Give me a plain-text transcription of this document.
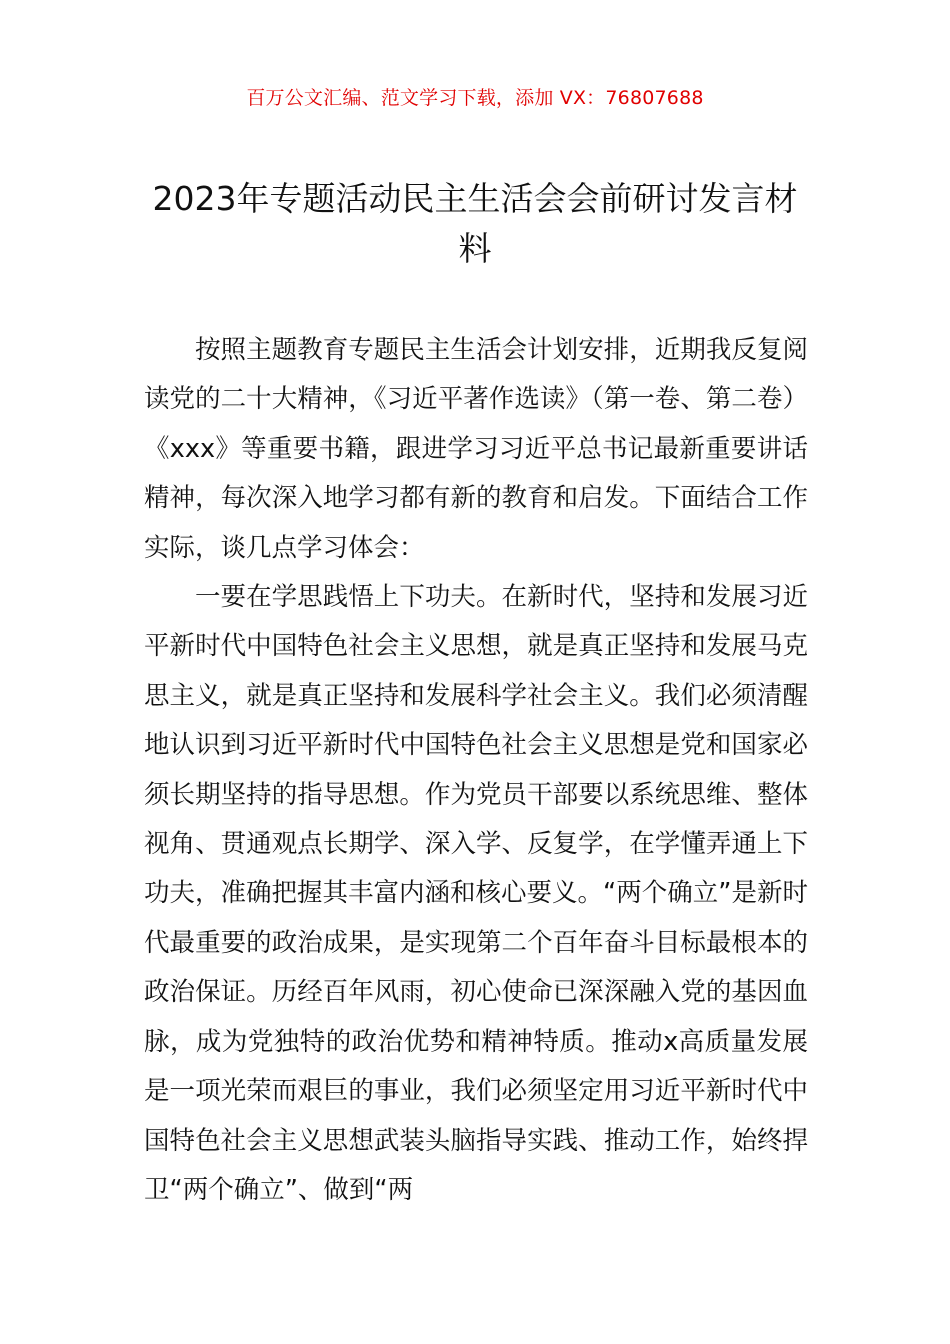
百万公文汇编、范文学习下载，添加 VX：76807688
2023年专题活动民主生活会会前研讨发言材料

按照主题教育专题民主生活会计划安排，近期我反复阅读党的二十大精神，《习近平著作选读》（第一卷、第二卷）《xxx》等重要书籍，跟进学习习近平总书记最新重要讲话精神，每次深入地学习都有新的教育和启发。下面结合工作实际，谈几点学习体会：

一要在学思践悟上下功夫。在新时代，坚持和发展习近平新时代中国特色社会主义思想，就是真正坚持和发展马克思主义，就是真正坚持和发展科学社会主义。我们必须清醒地认识到习近平新时代中国特色社会主义思想是党和国家必须长期坚持的指导思想。作为党员干部要以系统思维、整体视角、贯通观点长期学、深入学、反复学，在学懂弄通上下功夫，准确把握其丰富内涵和核心要义。“两个确立”是新时代最重要的政治成果，是实现第二个百年奋斗目标最根本的政治保证。历经百年风雨，初心使命已深深融入党的基因血脉，成为党独特的政治优势和精神特质。推动x高质量发展是一项光荣而艰巨的事业，我们必须坚定用习近平新时代中国特色社会主义思想武装头脑指导实践、推动工作，始终捍卫“两个确立”、做到“两
